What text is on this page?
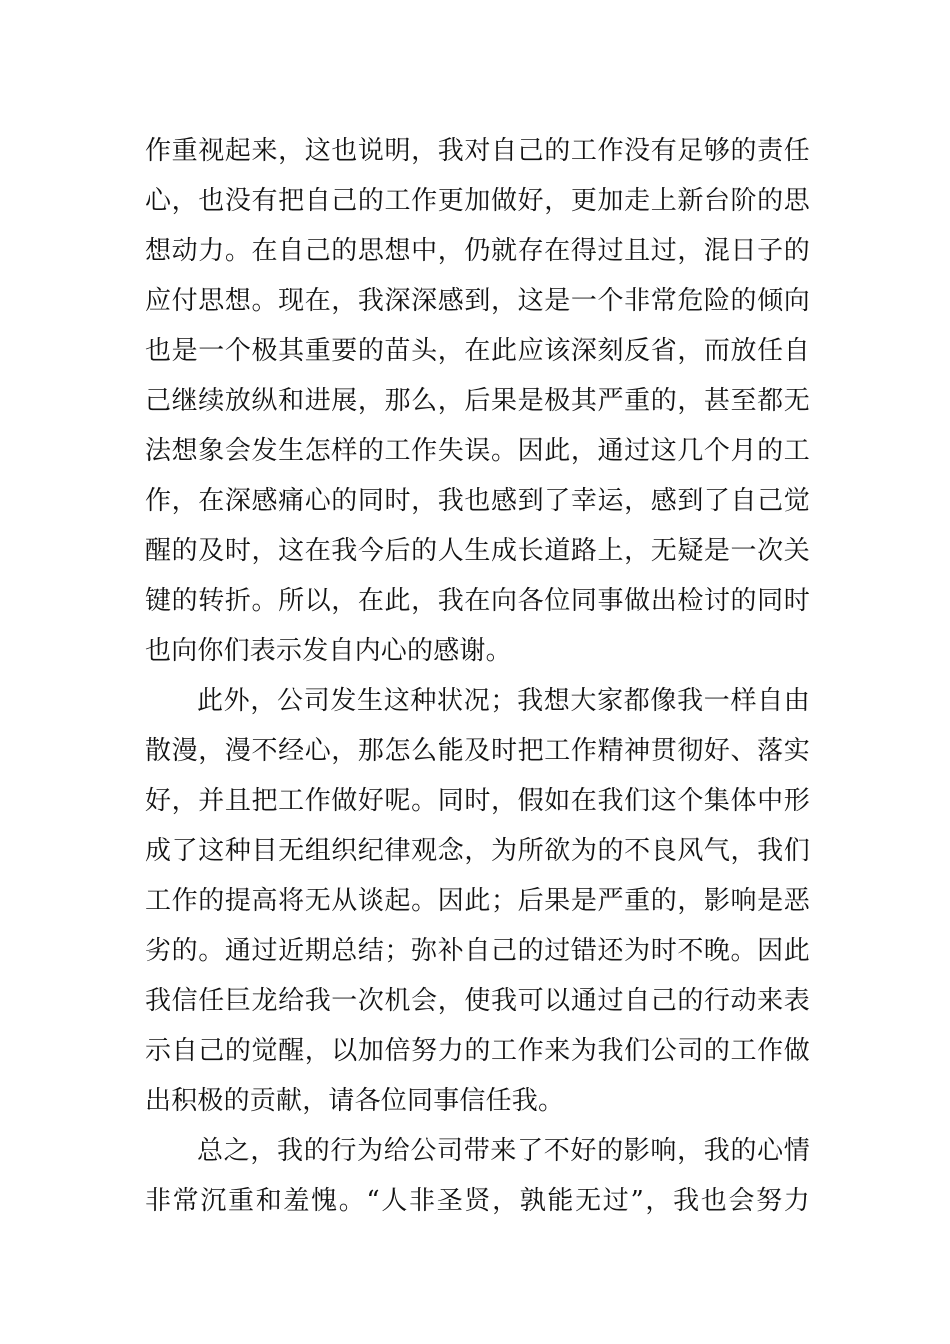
作重视起来，这也说明，我对自己的工作没有足够的责任
心，也没有把自己的工作更加做好，更加走上新台阶的思
想动力。在自己的思想中，仍就存在得过且过，混日子的
应付思想。现在，我深深感到，这是一个非常危险的倾向
也是一个极其重要的苗头，在此应该深刻反省，而放任自
己继续放纵和进展，那么，后果是极其严重的，甚至都无
法想象会发生怎样的工作失误。因此，通过这几个月的工
作，在深感痛心的同时，我也感到了幸运，感到了自己觉
醒的及时，这在我今后的人生成长道路上，无疑是一次关
键的转折。所以，在此，我在向各位同事做出检讨的同时
也向你们表示发自内心的感谢。
此外，公司发生这种状况；我想大家都像我一样自由
散漫，漫不经心，那怎么能及时把工作精神贯彻好、落实
好，并且把工作做好呢。同时，假如在我们这个集体中形
成了这种目无组织纪律观念，为所欲为的不良风气，我们
工作的提高将无从谈起。因此；后果是严重的，影响是恶
劣的。通过近期总结；弥补自己的过错还为时不晚。因此
我信任巨龙给我一次机会，使我可以通过自己的行动来表
示自己的觉醒，以加倍努力的工作来为我们公司的工作做
出积极的贡献，请各位同事信任我。
总之，我的行为给公司带来了不好的影响，我的心情
非常沉重和羞愧。“人非圣贤，孰能无过”，我也会努力
